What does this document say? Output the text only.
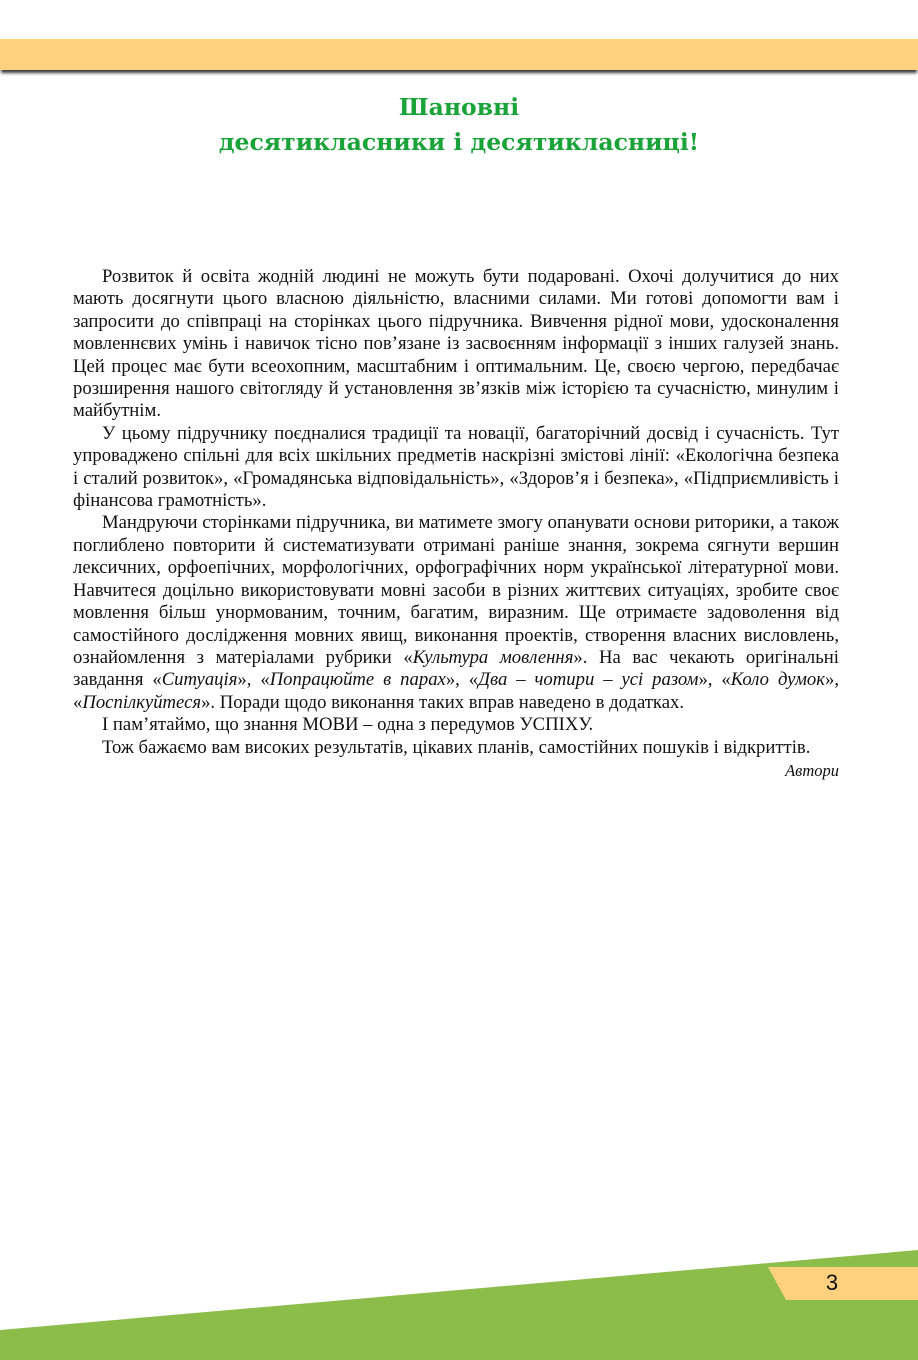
Шановні
десятикласники і десятикласниці!

Розвиток й освіта жодній людині не можуть бути подаровані. Охочі долучитися до них мають досягнути цього власною діяльністю, власними силами. Ми готові допомогти вам і запросити до співпраці на сторінках цього підручника. Вивчення рідної мови, удосконалення мовленнєвих умінь і навичок тісно пов’язане із засвоєнням інформації з інших галузей знань. Цей процес має бути всеохопним, масштабним і оптимальним. Це, своєю чергою, передбачає розширення нашого світогляду й установлення зв’язків між історією та сучасністю, минулим і майбутнім.

У цьому підручнику поєдналися традиції та новації, багаторічний досвід і сучасність. Тут упроваджено спільні для всіх шкільних предметів наскрізні змістові лінії: «Екологічна безпека і сталий розвиток», «Громадянська відповідальність», «Здоров’я і безпека», «Підприємливість і фінансова грамотність».

Мандруючи сторінками підручника, ви матимете змогу опанувати основи риторики, а також поглиблено повторити й систематизувати отримані раніше знання, зокрема сягнути вершин лексичних, орфоепічних, морфологічних, орфографічних норм української літературної мови. Навчитеся доцільно використовувати мовні засоби в різних життєвих ситуаціях, зробите своє мовлення більш унормованим, точним, багатим, виразним. Ще отримаєте задоволення від самостійного дослідження мовних явищ, виконання проектів, створення власних висловлень, ознайомлення з матеріалами рубрики «Культура мовлення». На вас чекають оригінальні завдання «Ситуація», «Попрацюйте в парах», «Два – чотири – усі разом», «Коло думок», «Поспілкуйтеся». Поради щодо виконання таких вправ наведено в додатках.

І пам’ятаймо, що знання МОВИ – одна з передумов УСПІХУ.

Тож бажаємо вам високих результатів, цікавих планів, самостійних пошуків і відкриттів.

Автори

3
